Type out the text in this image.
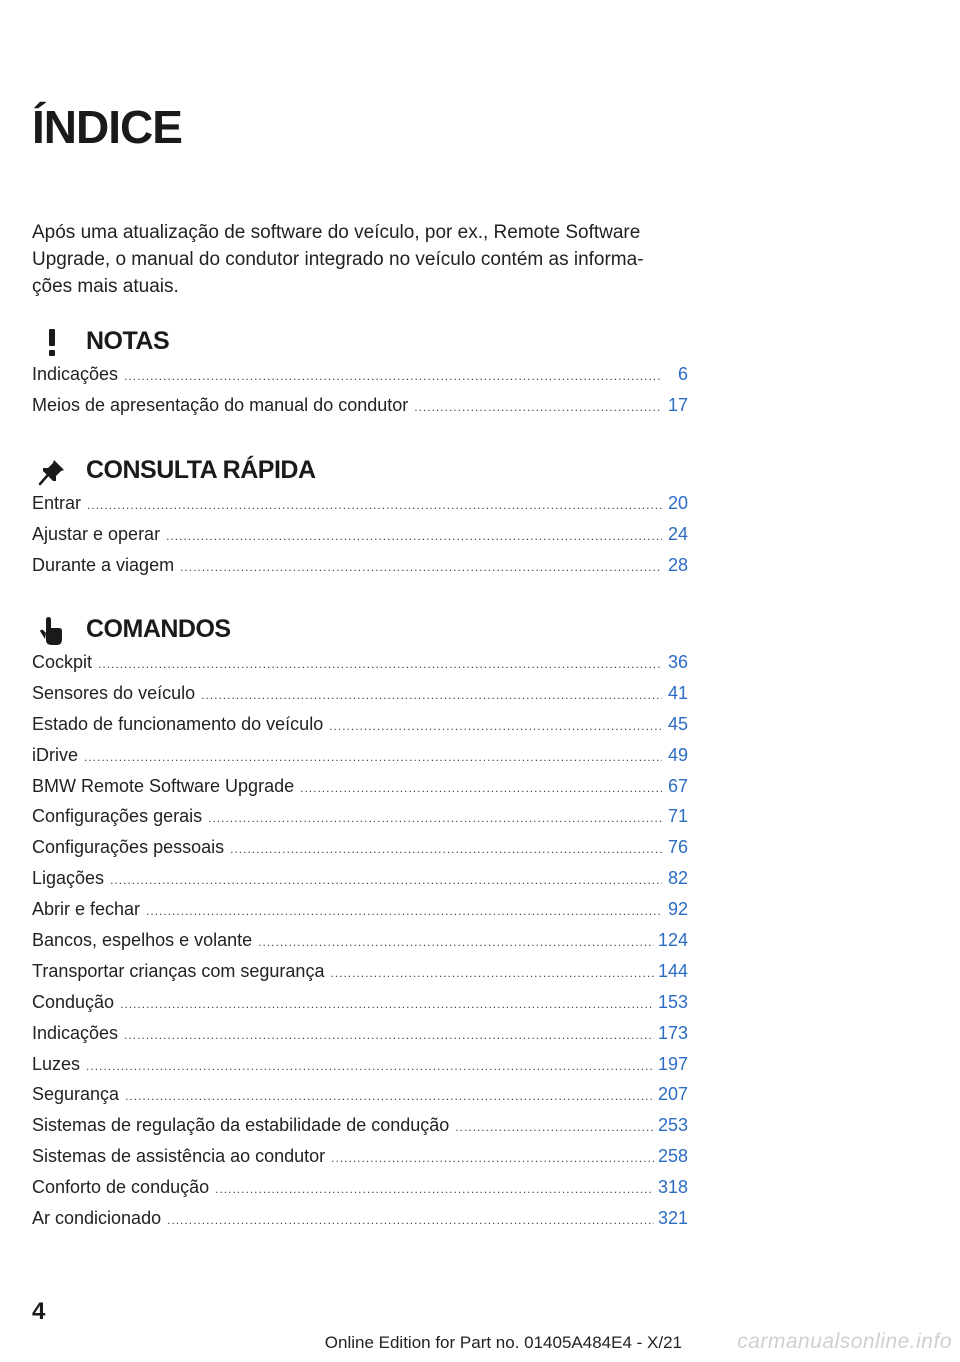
ÍNDICE
Após uma atualização de software do veículo, por ex., Remote Software Upgrade, o manual do condutor integrado no veículo contém as informa-ções mais atuais.
NOTAS
Indicações .....	6
Meios de apresentação do manual do condutor .....	17
CONSULTA RÁPIDA
Entrar .....	20
Ajustar e operar .....	24
Durante a viagem .....	28
COMANDOS
Cockpit .....	36
Sensores do veículo .....	41
Estado de funcionamento do veículo .....	45
iDrive .....	49
BMW Remote Software Upgrade .....	67
Configurações gerais .....	71
Configurações pessoais .....	76
Ligações .....	82
Abrir e fechar .....	92
Bancos, espelhos e volante .....	124
Transportar crianças com segurança .....	144
Condução .....	153
Indicações .....	173
Luzes .....	197
Segurança .....	207
Sistemas de regulação da estabilidade de condução .....	253
Sistemas de assistência ao condutor .....	258
Conforto de condução .....	318
Ar condicionado .....	321
4
Online Edition for Part no. 01405A484E4 - X/21	carmanualsonline.info
